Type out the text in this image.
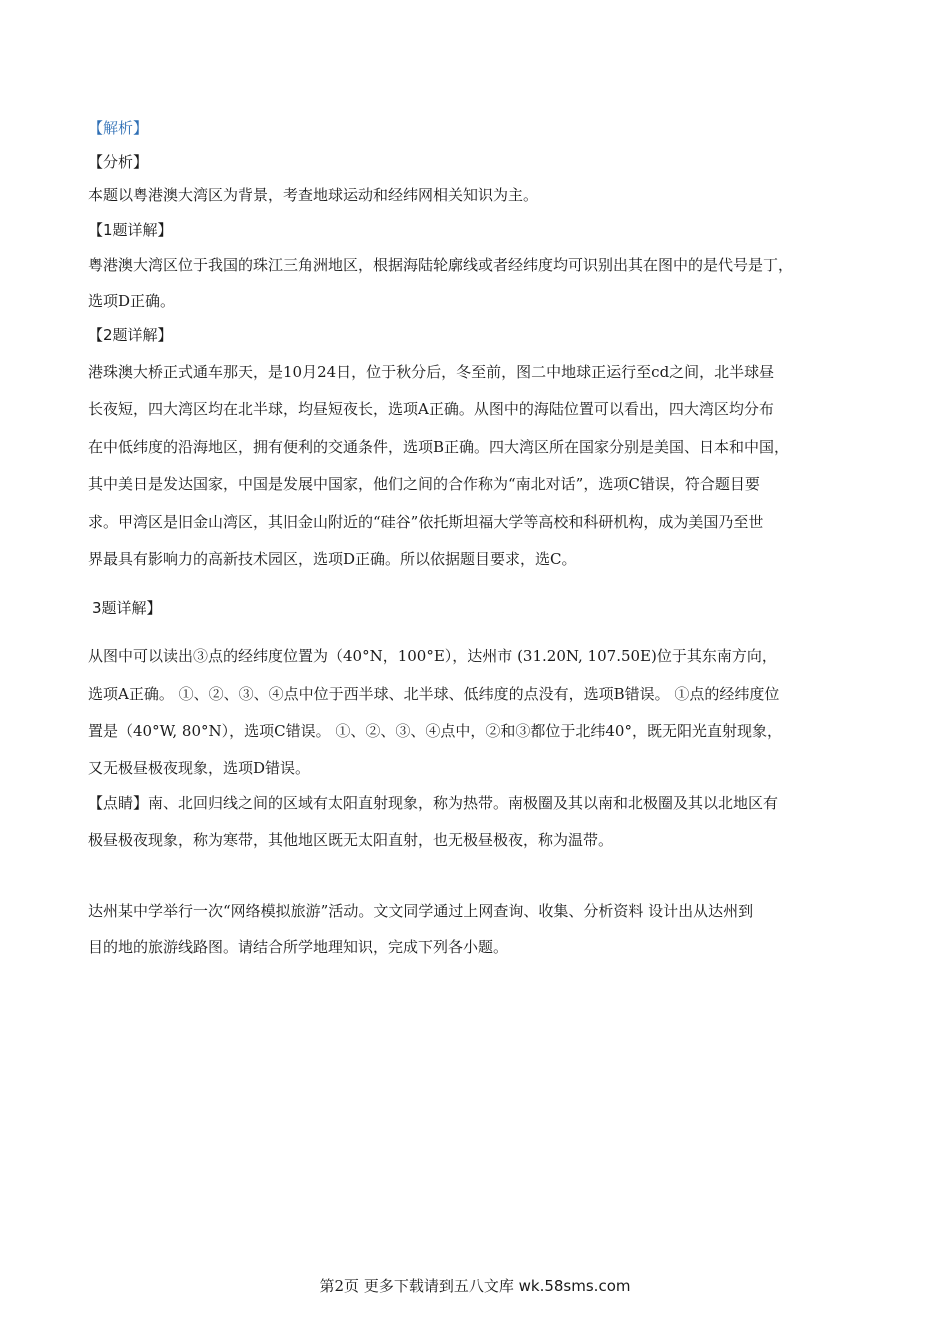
【解析】
【分析】
本题以粤港澳大湾区为背景，考查地球运动和经纬网相关知识为主。
【1题详解】
粤港澳大湾区位于我国的珠江三角洲地区，根据海陆轮廓线或者经纬度均可识别出其在图中的是代号是丁，
选项D正确。
【2题详解】
港珠澳大桥正式通车那天，是10月24日，位于秋分后，冬至前，图二中地球正运行至cd之间，北半球昼
长夜短，四大湾区均在北半球，均昼短夜长，选项A正确。从图中的海陆位置可以看出，四大湾区均分布
在中低纬度的沿海地区，拥有便利的交通条件，选项B正确。四大湾区所在国家分别是美国、日本和中国，
其中美日是发达国家，中国是发展中国家，他们之间的合作称为“南北对话”，选项C错误，符合题目要
求。甲湾区是旧金山湾区，其旧金山附近的“硅谷”依托斯坦福大学等高校和科研机构，成为美国乃至世
界最具有影响力的高新技术园区，选项D正确。所以依据题目要求，选C。
3题详解】
从图中可以读出③点的经纬度位置为（40°N，100°E），达州市 (31.20N, 107.50E)位于其东南方向，
选项A正确。 ①、②、③、④点中位于西半球、北半球、低纬度的点没有，选项B错误。 ①点的经纬度位
置是（40°W, 80°N），选项C错误。 ①、②、③、④点中，②和③都位于北纬40°，既无阳光直射现象，
又无极昼极夜现象，选项D错误。
【点睛】南、北回归线之间的区域有太阳直射现象，称为热带。南极圈及其以南和北极圈及其以北地区有
极昼极夜现象，称为寒带，其他地区既无太阳直射，也无极昼极夜，称为温带。
达州某中学举行一次“网络模拟旅游”活动。文文同学通过上网查询、收集、分析资料 设计出从达州到
目的地的旅游线路图。请结合所学地理知识，完成下列各小题。
第2页 更多下载请到五八文库 wk.58sms.com
